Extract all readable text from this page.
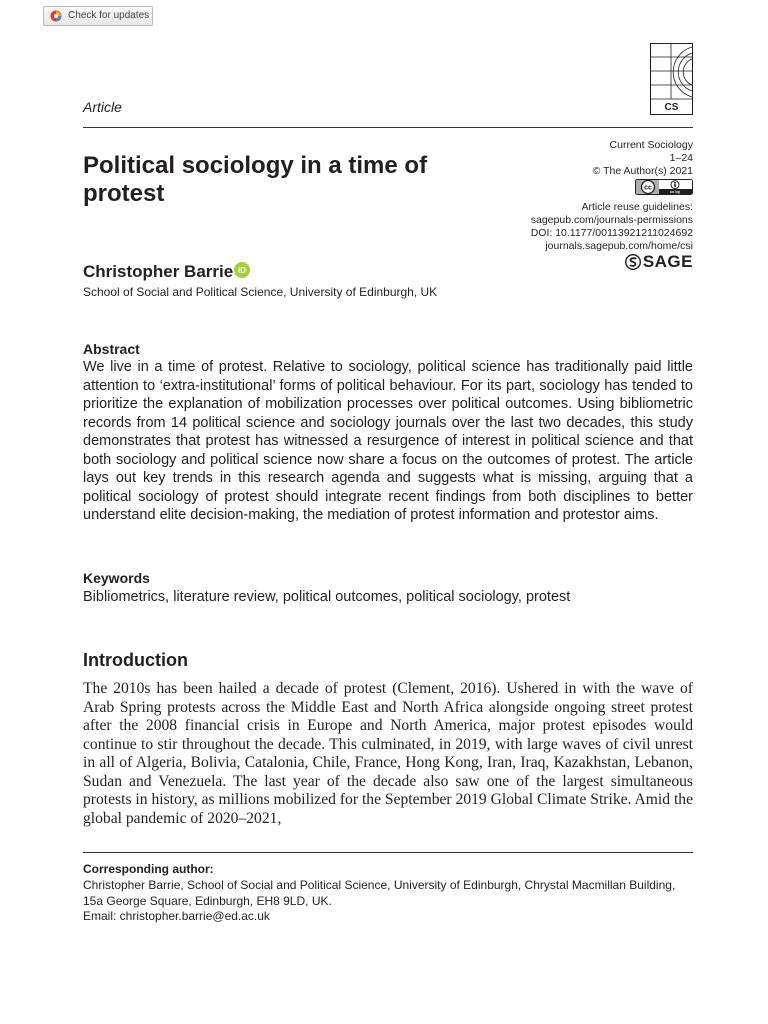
Check for updates
Article	CS
Current Sociology
1–24
© The Author(s) 2021
cc
cc by
Article reuse guidelines:
sagepub.com/journals-permissions
DOI: 10.1177/00113921211024692
journals.sagepub.com/home/csi
SAGE
Political sociology in a time of protest
Christopher Barrie iD
School of Social and Political Science, University of Edinburgh, UK
Abstract

We live in a time of protest. Relative to sociology, political science has traditionally paid little attention to ‘extra-institutional’ forms of political behaviour. For its part, sociology has tended to prioritize the explanation of mobilization processes over political outcomes. Using bibliometric records from 14 political science and sociology journals over the last two decades, this study demonstrates that protest has witnessed a resurgence of interest in political science and that both sociology and political science now share a focus on the outcomes of protest. The article lays out key trends in this research agenda and suggests what is missing, arguing that a political sociology of protest should integrate recent findings from both disciplines to better understand elite decision-making, the mediation of protest information and protestor aims.

Keywords
Bibliometrics, literature review, political outcomes, political sociology, protest
Introduction

The 2010s has been hailed a decade of protest (Clement, 2016). Ushered in with the wave of Arab Spring protests across the Middle East and North Africa alongside ongoing street protest after the 2008 financial crisis in Europe and North America, major protest episodes would continue to stir throughout the decade. This culminated, in 2019, with large waves of civil unrest in all of Algeria, Bolivia, Catalonia, Chile, France, Hong Kong, Iran, Iraq, Kazakhstan, Lebanon, Sudan and Venezuela. The last year of the decade also saw one of the largest simultaneous protests in history, as millions mobilized for the September 2019 Global Climate Strike. Amid the global pandemic of 2020–2021,

Corresponding author:
Christopher Barrie, School of Social and Political Science, University of Edinburgh, Chrystal Macmillan Building, 15a George Square, Edinburgh, EH8 9LD, UK.
Email: christopher.barrie@ed.ac.uk
